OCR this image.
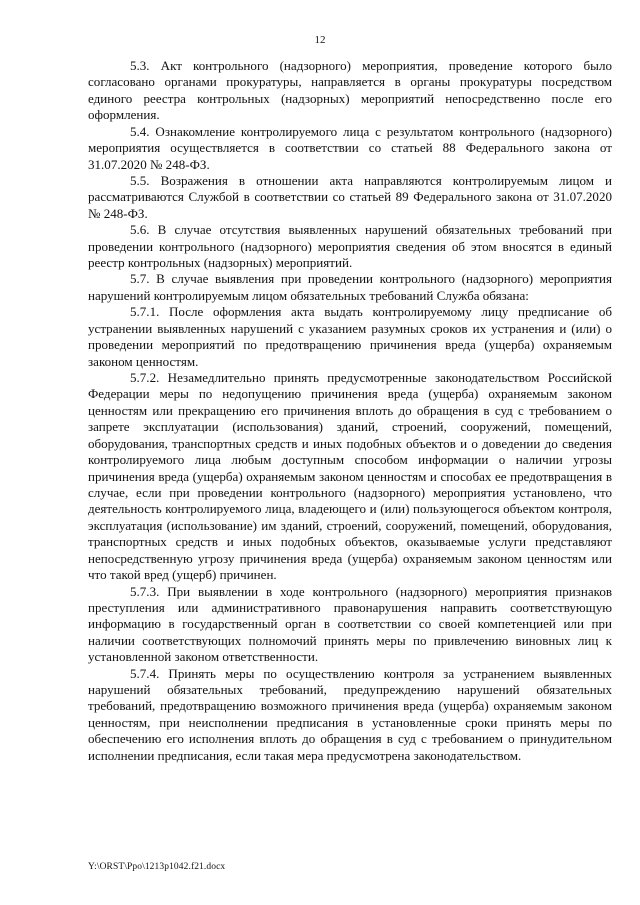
12

5.3. Акт контрольного (надзорного) мероприятия, проведение которого было согласовано органами прокуратуры, направляется в органы прокуратуры посредством единого реестра контрольных (надзорных) мероприятий непосредственно после его оформления.

5.4. Ознакомление контролируемого лица с результатом контрольного (надзорного) мероприятия осуществляется в соответствии со статьей 88 Федерального закона от 31.07.2020 № 248-ФЗ.

5.5. Возражения в отношении акта направляются контролируемым лицом и рассматриваются Службой в соответствии со статьей 89 Федерального закона от 31.07.2020 № 248-ФЗ.

5.6. В случае отсутствия выявленных нарушений обязательных требований при проведении контрольного (надзорного) мероприятия сведения об этом вносятся в единый реестр контрольных (надзорных) мероприятий.

5.7. В случае выявления при проведении контрольного (надзорного) мероприятия нарушений контролируемым лицом обязательных требований Служба обязана:

5.7.1. После оформления акта выдать контролируемому лицу предписание об устранении выявленных нарушений с указанием разумных сроков их устранения и (или) о проведении мероприятий по предотвращению причинения вреда (ущерба) охраняемым законом ценностям.

5.7.2. Незамедлительно принять предусмотренные законодательством Российской Федерации меры по недопущению причинения вреда (ущерба) охраняемым законом ценностям или прекращению его причинения вплоть до обращения в суд с требованием о запрете эксплуатации (использования) зданий, строений, сооружений, помещений, оборудования, транспортных средств и иных подобных объектов и о доведении до сведения контролируемого лица любым доступным способом информации о наличии угрозы причинения вреда (ущерба) охраняемым законом ценностям и способах ее предотвращения в случае, если при проведении контрольного (надзорного) мероприятия установлено, что деятельность контролируемого лица, владеющего и (или) пользующегося объектом контроля, эксплуатация (использование) им зданий, строений, сооружений, помещений, оборудования, транспортных средств и иных подобных объектов, оказываемые услуги представляют непосредственную угрозу причинения вреда (ущерба) охраняемым законом ценностям или что такой вред (ущерб) причинен.

5.7.3. При выявлении в ходе контрольного (надзорного) мероприятия признаков преступления или административного правонарушения направить соответствующую информацию в государственный орган в соответствии со своей компетенцией или при наличии соответствующих полномочий принять меры по привлечению виновных лиц к установленной законом ответственности.

5.7.4. Принять меры по осуществлению контроля за устранением выявленных нарушений обязательных требований, предупреждению нарушений обязательных требований, предотвращению возможного причинения вреда (ущерба) охраняемым законом ценностям, при неисполнении предписания в установленные сроки принять меры по обеспечению его исполнения вплоть до обращения в суд с требованием о принудительном исполнении предписания, если такая мера предусмотрена законодательством.

Y:\ORST\Ppo\1213p1042.f21.docx
